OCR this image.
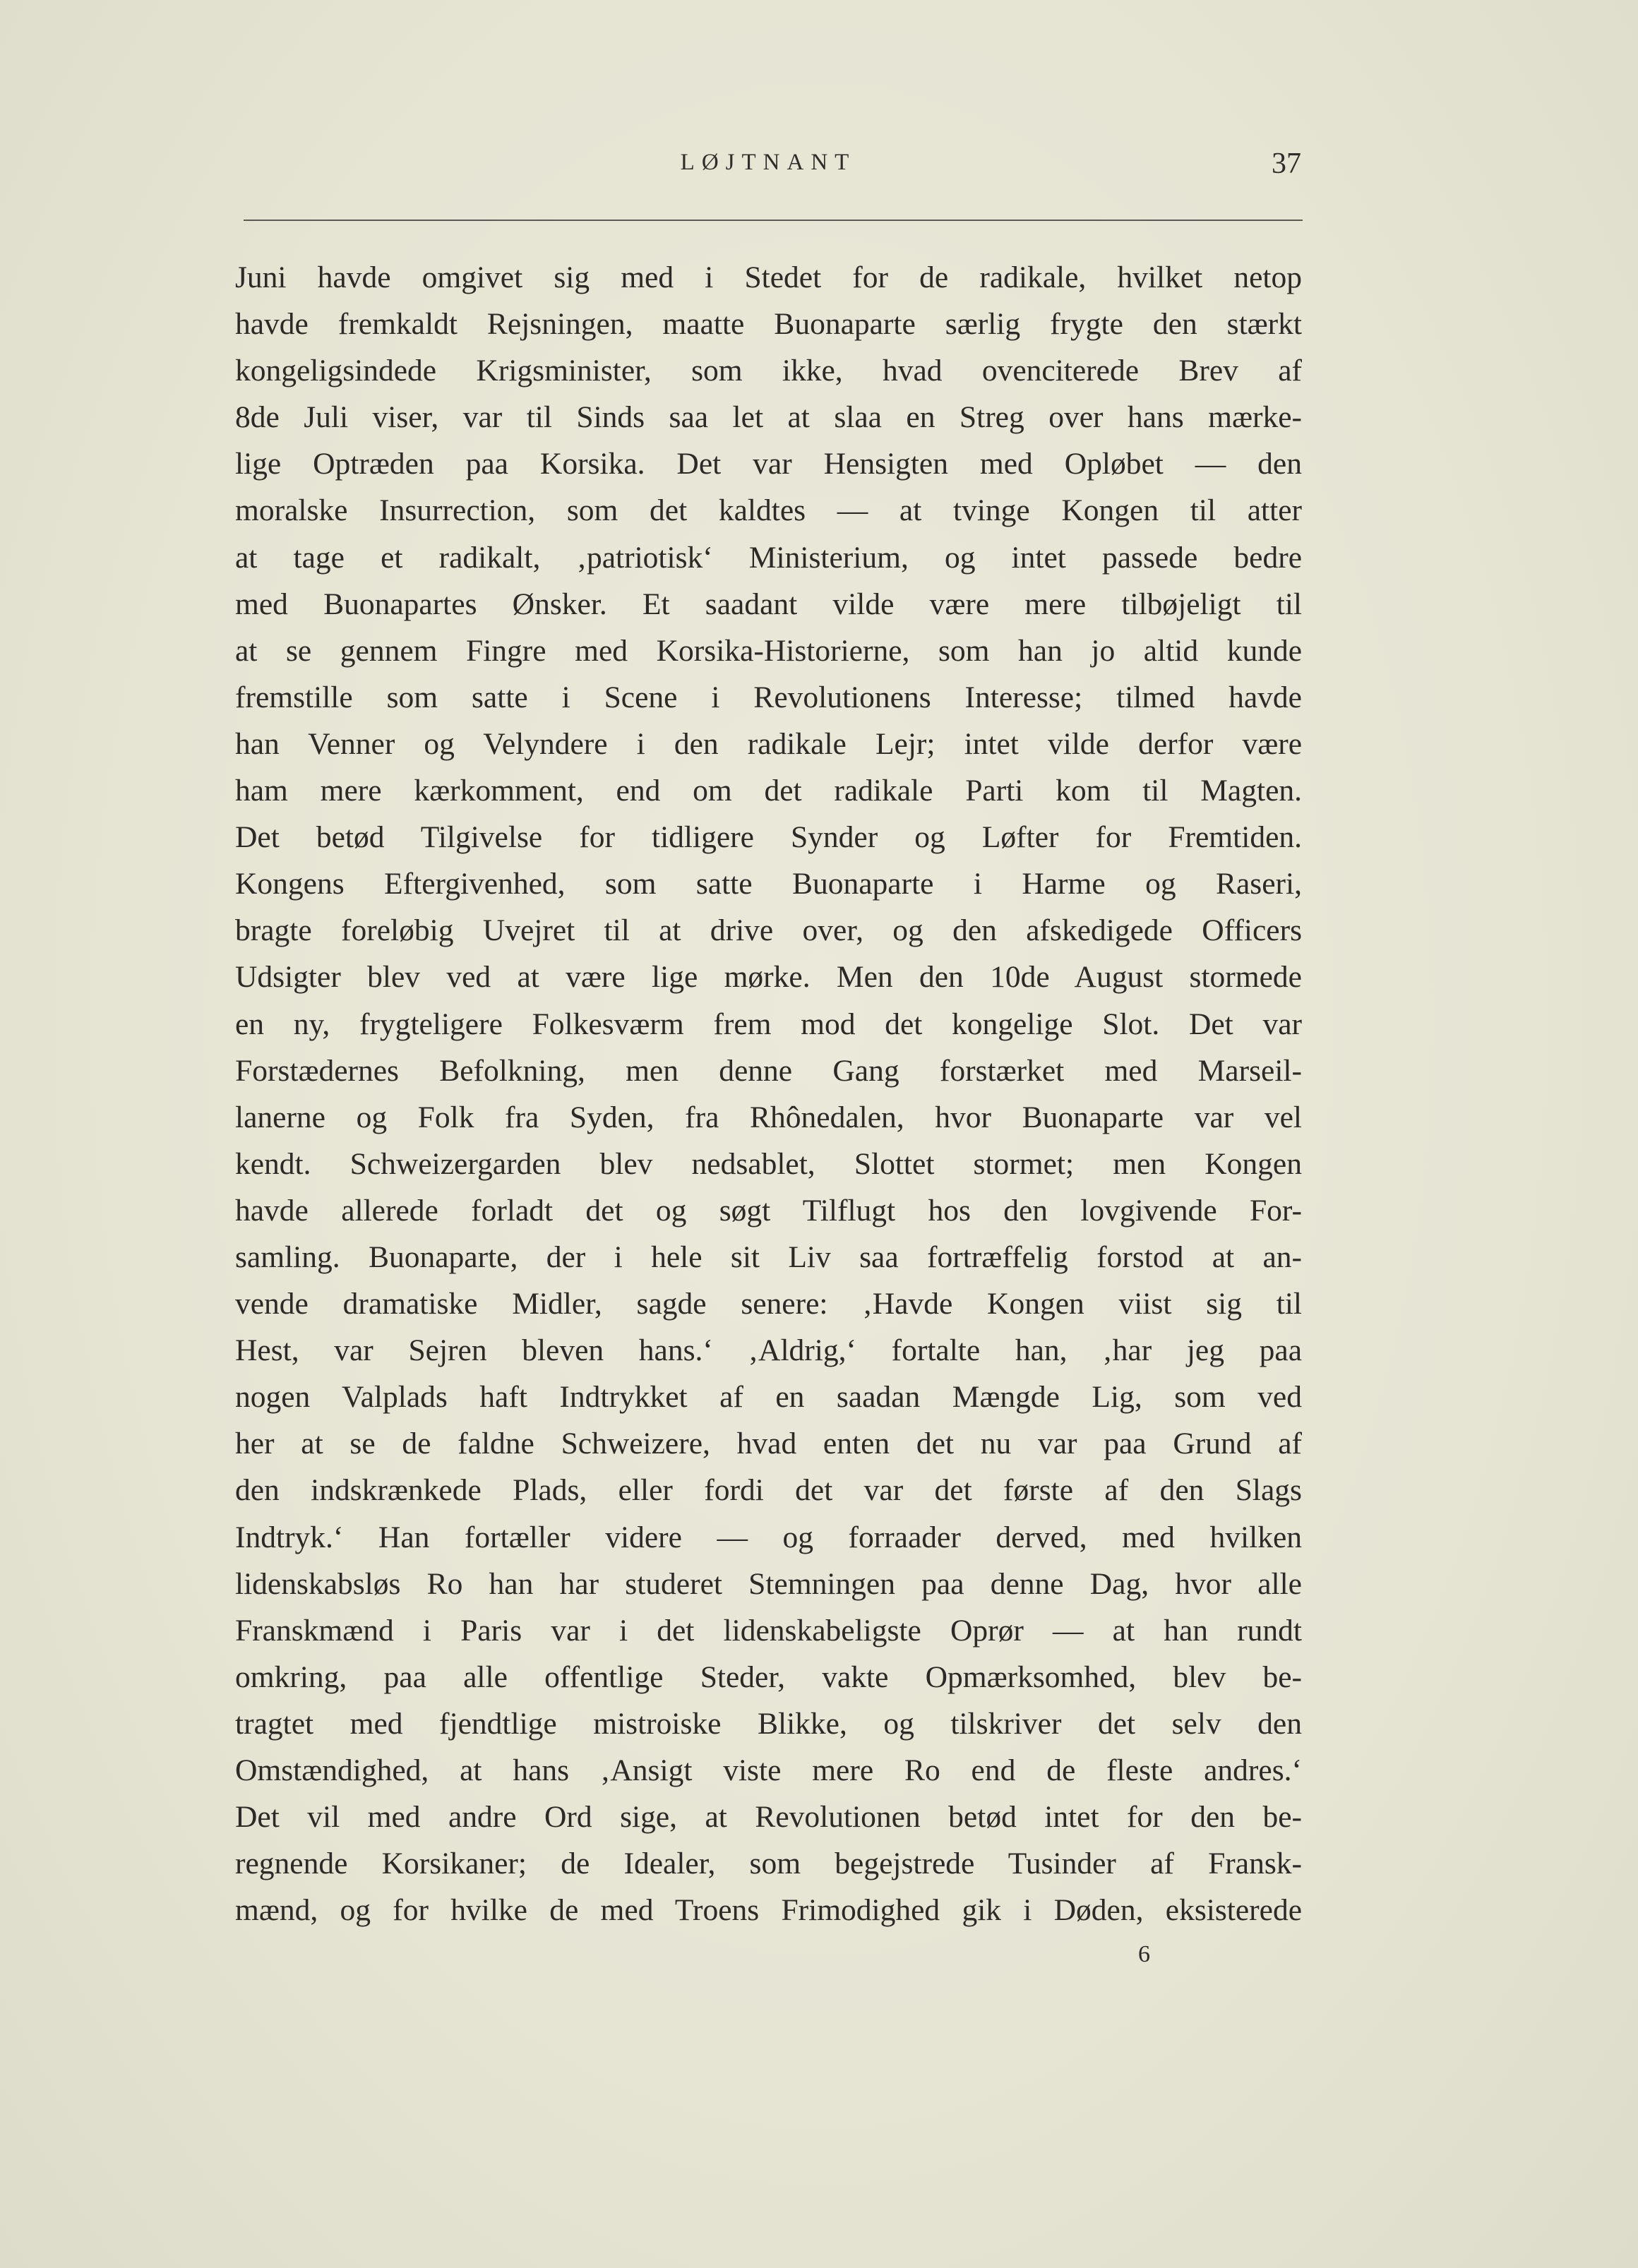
LØJTNANT	37
Juni havde omgivet sig med i Stedet for de radikale, hvilket netop
havde fremkaldt Rejsningen, maatte Buonaparte særlig frygte den stærkt
kongeligsindede Krigsminister, som ikke, hvad ovenciterede Brev af
8de Juli viser, var til Sinds saa let at slaa en Streg over hans mærke-
lige Optræden paa Korsika. Det var Hensigten med Opløbet — den
moralske Insurrection, som det kaldtes — at tvinge Kongen til atter
at tage et radikalt, ‚patriotisk‘ Ministerium, og intet passede bedre
med Buonapartes Ønsker. Et saadant vilde være mere tilbøjeligt til
at se gennem Fingre med Korsika-Historierne, som han jo altid kunde
fremstille som satte i Scene i Revolutionens Interesse; tilmed havde
han Venner og Velyndere i den radikale Lejr; intet vilde derfor være
ham mere kærkomment, end om det radikale Parti kom til Magten.
Det betød Tilgivelse for tidligere Synder og Løfter for Fremtiden.
Kongens Eftergivenhed, som satte Buonaparte i Harme og Raseri,
bragte foreløbig Uvejret til at drive over, og den afskedigede Officers
Udsigter blev ved at være lige mørke. Men den 10de August stormede
en ny, frygteligere Folkesværm frem mod det kongelige Slot. Det var
Forstædernes Befolkning, men denne Gang forstærket med Marseil-
lanerne og Folk fra Syden, fra Rhônedalen, hvor Buonaparte var vel
kendt. Schweizergarden blev nedsablet, Slottet stormet; men Kongen
havde allerede forladt det og søgt Tilflugt hos den lovgivende For-
samling. Buonaparte, der i hele sit Liv saa fortræffelig forstod at an-
vende dramatiske Midler, sagde senere: ‚Havde Kongen viist sig til
Hest, var Sejren bleven hans.‘ ‚Aldrig,‘ fortalte han, ‚har jeg paa
nogen Valplads haft Indtrykket af en saadan Mængde Lig, som ved
her at se de faldne Schweizere, hvad enten det nu var paa Grund af
den indskrænkede Plads, eller fordi det var det første af den Slags
Indtryk.‘ Han fortæller videre — og forraader derved, med hvilken
lidenskabsløs Ro han har studeret Stemningen paa denne Dag, hvor alle
Franskmænd i Paris var i det lidenskabeligste Oprør — at han rundt
omkring, paa alle offentlige Steder, vakte Opmærksomhed, blev be-
tragtet med fjendtlige mistroiske Blikke, og tilskriver det selv den
Omstændighed, at hans ‚Ansigt viste mere Ro end de fleste andres.‘
Det vil med andre Ord sige, at Revolutionen betød intet for den be-
regnende Korsikaner; de Idealer, som begejstrede Tusinder af Fransk-
mænd, og for hvilke de med Troens Frimodighed gik i Døden, eksisterede
6
